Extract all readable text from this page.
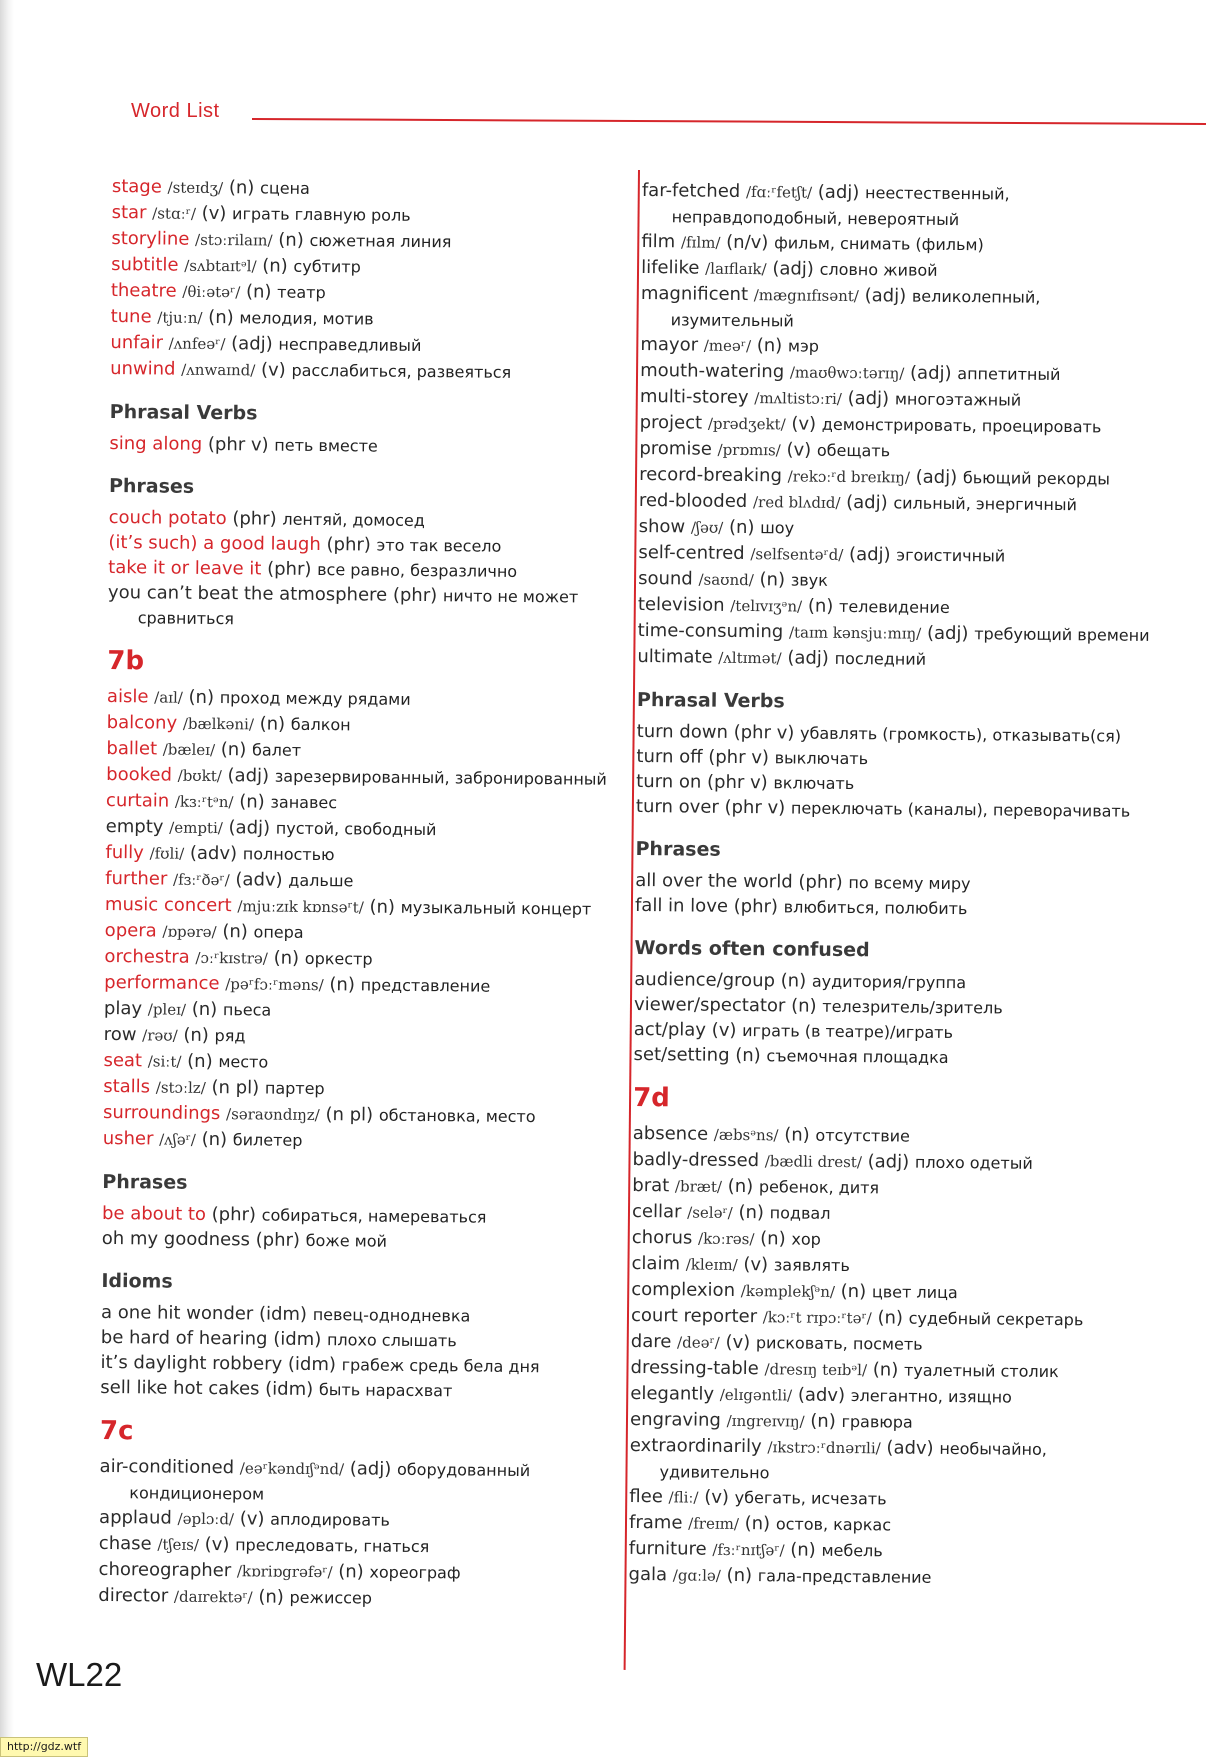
Word List
stage /steɪdʒ/ (n) сцена
star /stɑːʳ/ (v) играть главную роль
storyline /stɔːrilaɪn/ (n) сюжетная линия
subtitle /sʌbtaɪtᵊl/ (n) субтитр
theatre /θiːətəʳ/ (n) театр
tune /tjuːn/ (n) мелодия, мотив
unfair /ʌnfeəʳ/ (adj) несправедливый
unwind /ʌnwaɪnd/ (v) расслабиться, развеяться
Phrasal Verbs
sing along (phr v) петь вместе
Phrases
couch potato (phr) лентяй, домосед
(it’s such) a good laugh (phr) это так весело
take it or leave it (phr) все равно, безразлично
you can’t beat the atmosphere (phr) ничто не может сравниться
7b
aisle /aɪl/ (n) проход между рядами
balcony /bælkəni/ (n) балкон
ballet /bæleɪ/ (n) балет
booked /bʊkt/ (adj) зарезервированный, забронированный
curtain /kɜːʳtᵊn/ (n) занавес
empty /empti/ (adj) пустой, свободный
fully /fʊli/ (adv) полностью
further /fɜːʳðəʳ/ (adv) дальше
music concert /mjuːzɪk kɒnsəʳt/ (n) музыкальный концерт
opera /ɒpərə/ (n) опера
orchestra /ɔːʳkɪstrə/ (n) оркестр
performance /pəʳfɔːʳməns/ (n) представление
play /pleɪ/ (n) пьеса
row /rəʊ/ (n) ряд
seat /siːt/ (n) место
stalls /stɔːlz/ (n pl) партер
surroundings /səraʊndɪŋz/ (n pl) обстановка, место
usher /ʌʃəʳ/ (n) билетер
Phrases
be about to (phr) собираться, намереваться
oh my goodness (phr) боже мой
Idioms
a one hit wonder (idm) певец-однодневка
be hard of hearing (idm) плохо слышать
it’s daylight robbery (idm) грабеж средь бела дня
sell like hot cakes (idm) быть нарасхват
7c
air-conditioned /eəʳkəndɪʃᵊnd/ (adj) оборудованный кондиционером
applaud /əplɔːd/ (v) аплодировать
chase /tʃeɪs/ (v) преследовать, гнаться
choreographer /kɒriɒgrəfəʳ/ (n) хореограф
director /daɪrektəʳ/ (n) режиссер
far-fetched /fɑːʳfetʃt/ (adj) неестественный, неправдоподобный, невероятный
film /fɪlm/ (n/v) фильм, снимать (фильм)
lifelike /laɪflaɪk/ (adj) словно живой
magnificent /mægnɪfɪsənt/ (adj) великолепный, изумительный
mayor /meəʳ/ (n) мэр
mouth-watering /maʊθwɔːtərɪŋ/ (adj) аппетитный
multi-storey /mʌltistɔːri/ (adj) многоэтажный
project /prədʒekt/ (v) демонстрировать, проецировать
promise /prɒmɪs/ (v) обещать
record-breaking /rekɔːʳd breɪkɪŋ/ (adj) бьющий рекорды
red-blooded /red blʌdɪd/ (adj) сильный, энергичный
show /ʃəʊ/ (n) шоу
self-centred /selfsentəʳd/ (adj) эгоистичный
sound /saʊnd/ (n) звук
television /telɪvɪʒᵊn/ (n) телевидение
time-consuming /taɪm kənsjuːmɪŋ/ (adj) требующий времени
ultimate /ʌltɪmət/ (adj) последний
Phrasal Verbs
turn down (phr v) убавлять (громкость), отказывать(ся)
turn off (phr v) выключать
turn on (phr v) включать
turn over (phr v) переключать (каналы), переворачивать
Phrases
all over the world (phr) по всему миру
fall in love (phr) влюбиться, полюбить
Words often confused
audience/group (n) аудитория/группа
viewer/spectator (n) телезритель/зритель
act/play (v) играть (в театре)/играть
set/setting (n) съемочная площадка
7d
absence /æbsᵊns/ (n) отсутствие
badly-dressed /bædli drest/ (adj) плохо одетый
brat /bræt/ (n) ребенок, дитя
cellar /seləʳ/ (n) подвал
chorus /kɔːrəs/ (n) хор
claim /kleɪm/ (v) заявлять
complexion /kəmplekʃᵊn/ (n) цвет лица
court reporter /kɔːʳt rɪpɔːʳtəʳ/ (n) судебный секретарь
dare /deəʳ/ (v) рисковать, посметь
dressing-table /dresɪŋ teɪbᵊl/ (n) туалетный столик
elegantly /elɪgəntli/ (adv) элегантно, изящно
engraving /ɪngreɪvɪŋ/ (n) гравюра
extraordinarily /ɪkstrɔːʳdnərɪli/ (adv) необычайно, удивительно
flee /fliː/ (v) убегать, исчезать
frame /freɪm/ (n) остов, каркас
furniture /fɜːʳnɪtʃəʳ/ (n) мебель
gala /gɑːlə/ (n) гала-представление
WL22
http://gdz.wtf
